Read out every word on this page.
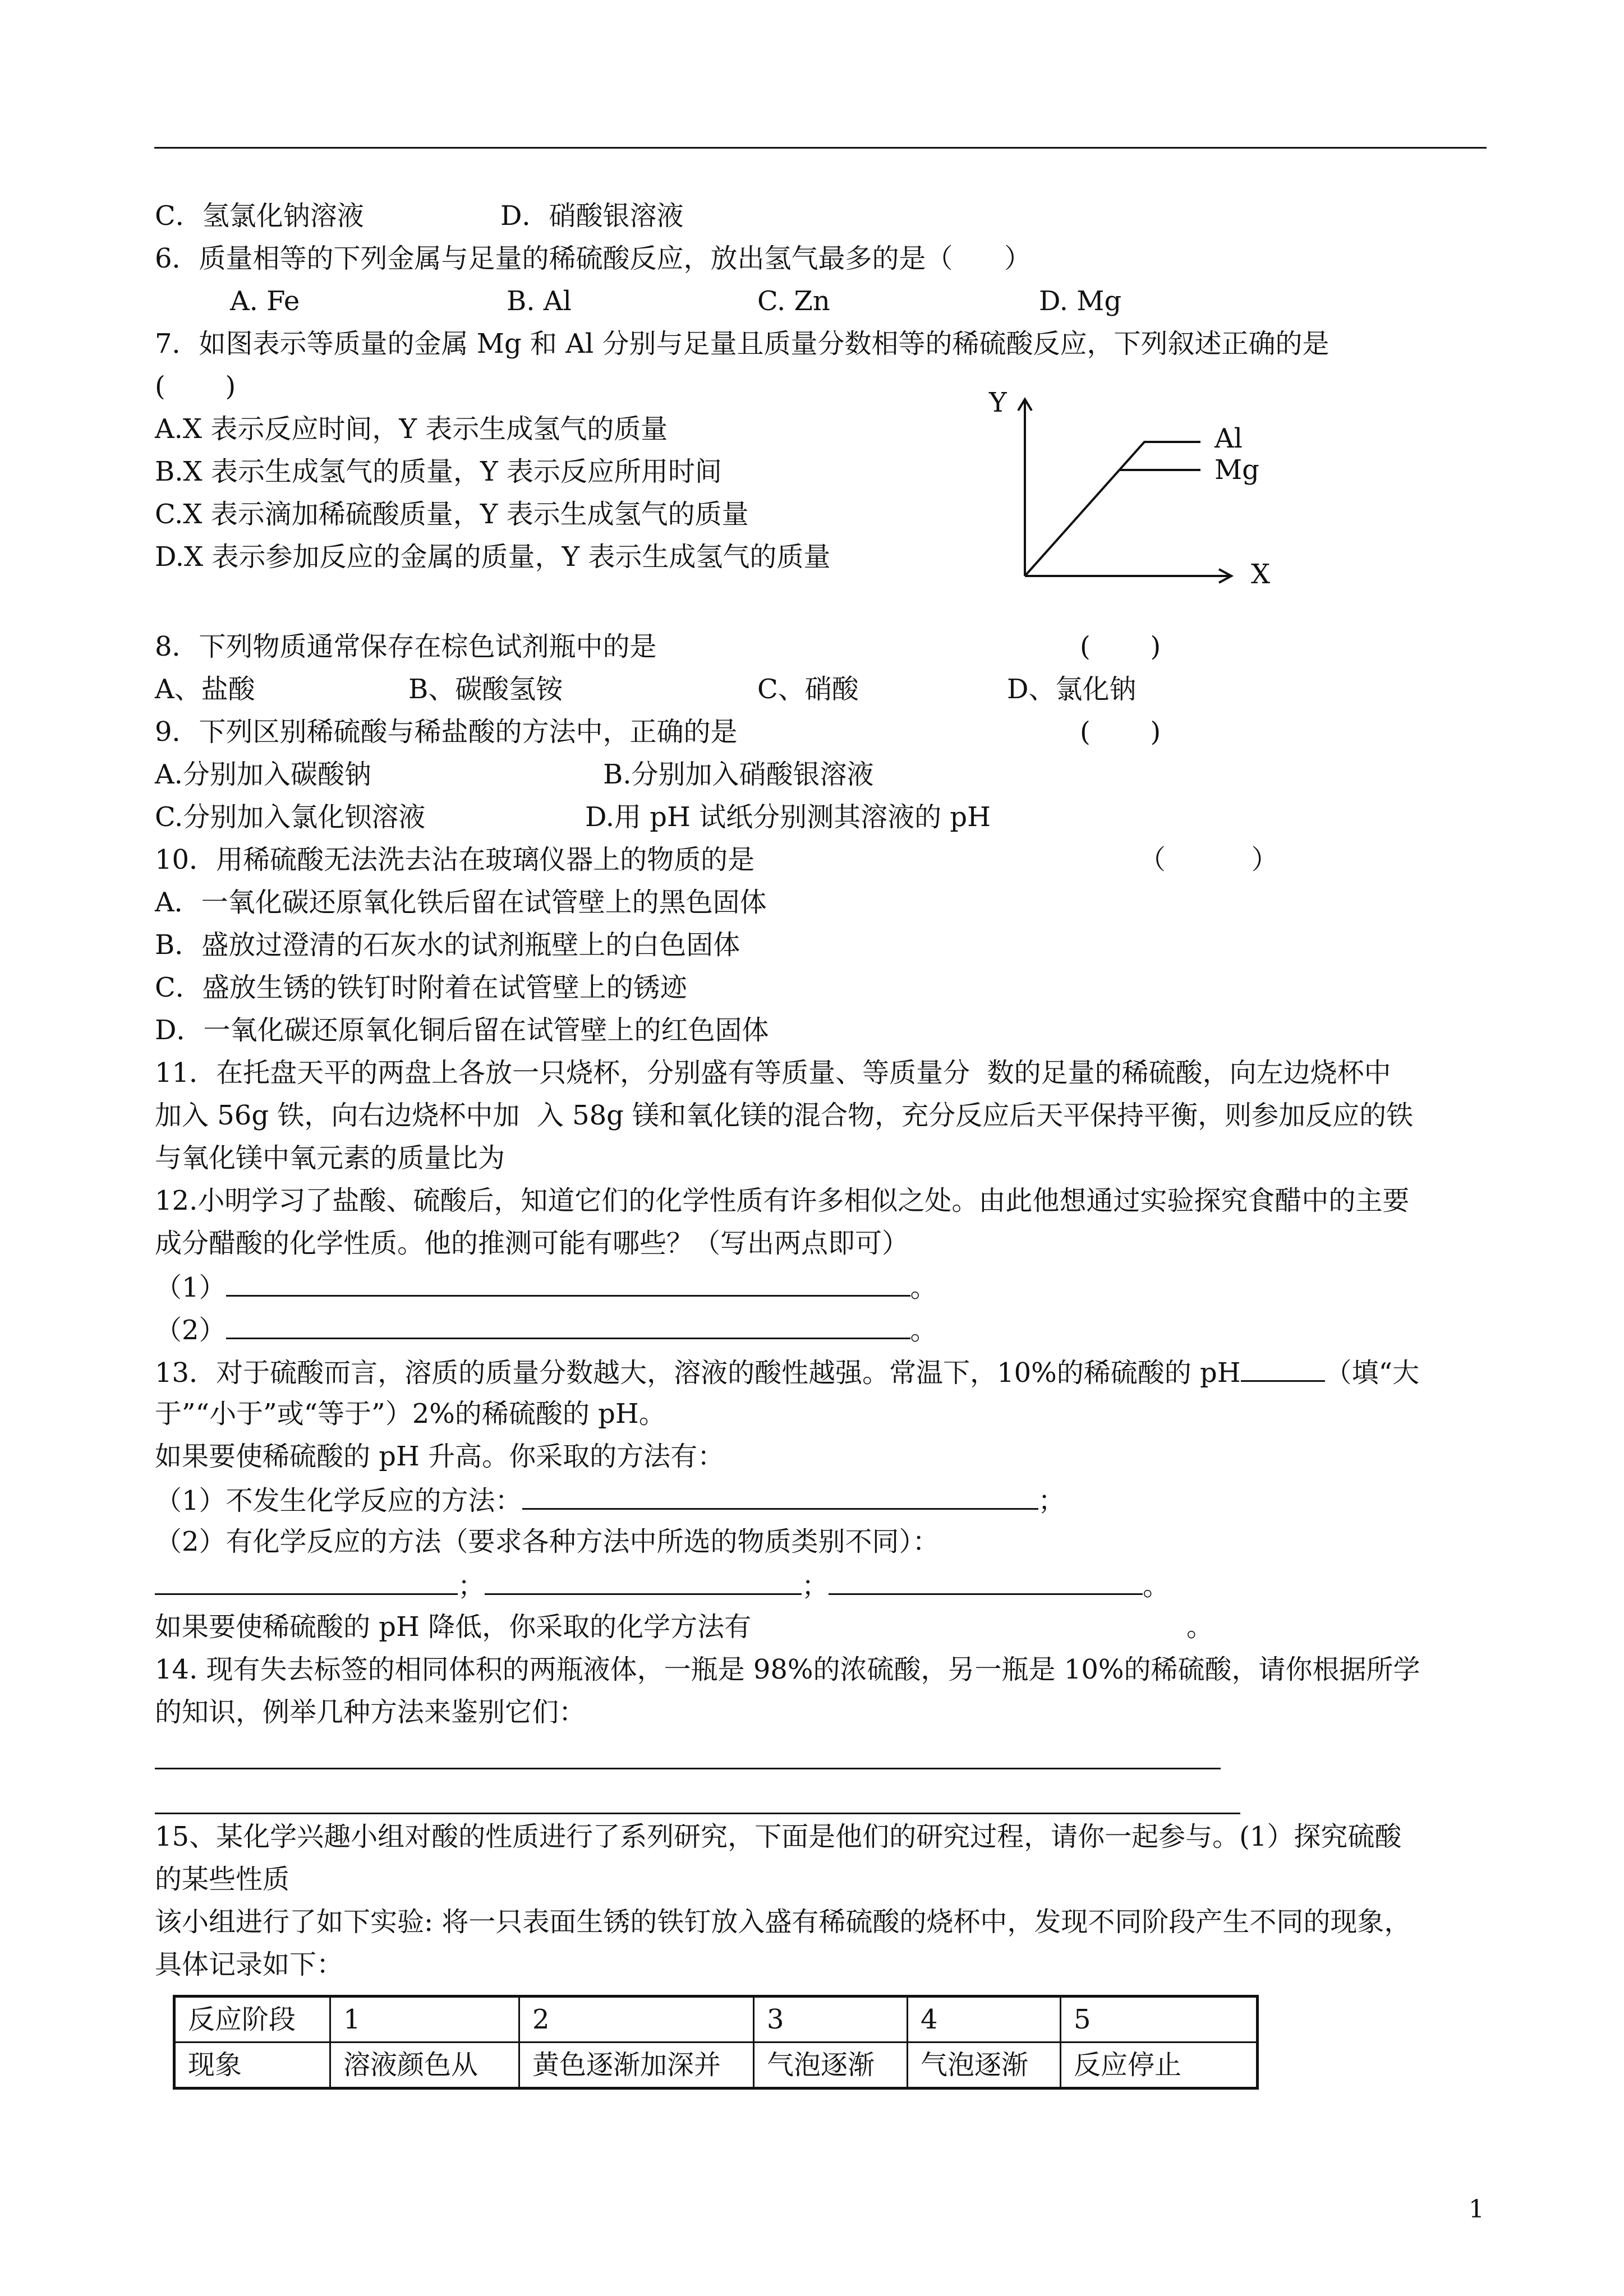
C．氢氯化钠溶液	D．硝酸银溶液
6．质量相等的下列金属与足量的稀硫酸反应，放出氢气最多的是（      ）
A. Fe	B. Al	C. Zn	D. Mg
7．如图表示等质量的金属 Mg 和 Al 分别与足量且质量分数相等的稀硫酸反应，下列叙述正确的是
(       )
A.X 表示反应时间，Y 表示生成氢气的质量
B.X 表示生成氢气的质量，Y 表示反应所用时间
C.X 表示滴加稀硫酸质量，Y 表示生成氢气的质量
D.X 表示参加反应的金属的质量，Y 表示生成氢气的质量
Y
X
Al
Mg
8．下列物质通常保存在棕色试剂瓶中的是	(       )
A、盐酸	B、碳酸氢铵	C、硝酸	D、氯化钠
9．下列区别稀硫酸与稀盐酸的方法中，正确的是	(       )
A.分别加入碳酸钠	B.分别加入硝酸银溶液
C.分别加入氯化钡溶液	D.用 pH 试纸分别测其溶液的 pH
10．用稀硫酸无法洗去沾在玻璃仪器上的物质的是	（          ）
A．一氧化碳还原氧化铁后留在试管壁上的黑色固体
B．盛放过澄清的石灰水的试剂瓶壁上的白色固体
C．盛放生锈的铁钉时附着在试管壁上的锈迹
D．一氧化碳还原氧化铜后留在试管壁上的红色固体
11．在托盘天平的两盘上各放一只烧杯，分别盛有等质量、等质量分  数的足量的稀硫酸，向左边烧杯中
加入 56g 铁，向右边烧杯中加  入 58g 镁和氧化镁的混合物，充分反应后天平保持平衡，则参加反应的铁
与氧化镁中氧元素的质量比为
12.小明学习了盐酸、硫酸后，知道它们的化学性质有许多相似之处。由此他想通过实验探究食醋中的主要
成分醋酸的化学性质。他的推测可能有哪些？（写出两点即可）
（1）	。
（2）	。
13．对于硫酸而言，溶质的质量分数越大，溶液的酸性越强。常温下，10%的稀硫酸的 pH	（填“大
于”“小于”或“等于”）2%的稀硫酸的 pH。
如果要使稀硫酸的 pH 升高。你采取的方法有：
（1）不发生化学反应的方法：	；
（2）有化学反应的方法（要求各种方法中所选的物质类别不同）：
；	；	。
如果要使稀硫酸的 pH 降低，你采取的化学方法有	。
14. 现有失去标签的相同体积的两瓶液体，一瓶是 98%的浓硫酸，另一瓶是 10%的稀硫酸，请你根据所学
的知识，例举几种方法来鉴别它们：
15、某化学兴趣小组对酸的性质进行了系列研究，下面是他们的研究过程，请你一起参与。(1）探究硫酸
的某些性质
该小组进行了如下实验: 将一只表面生锈的铁钉放入盛有稀硫酸的烧杯中，发现不同阶段产生不同的现象，
具体记录如下：
反应阶段	1	2	3	4	5
现象	溶液颜色从	黄色逐渐加深并	气泡逐渐	气泡逐渐	反应停止
1
